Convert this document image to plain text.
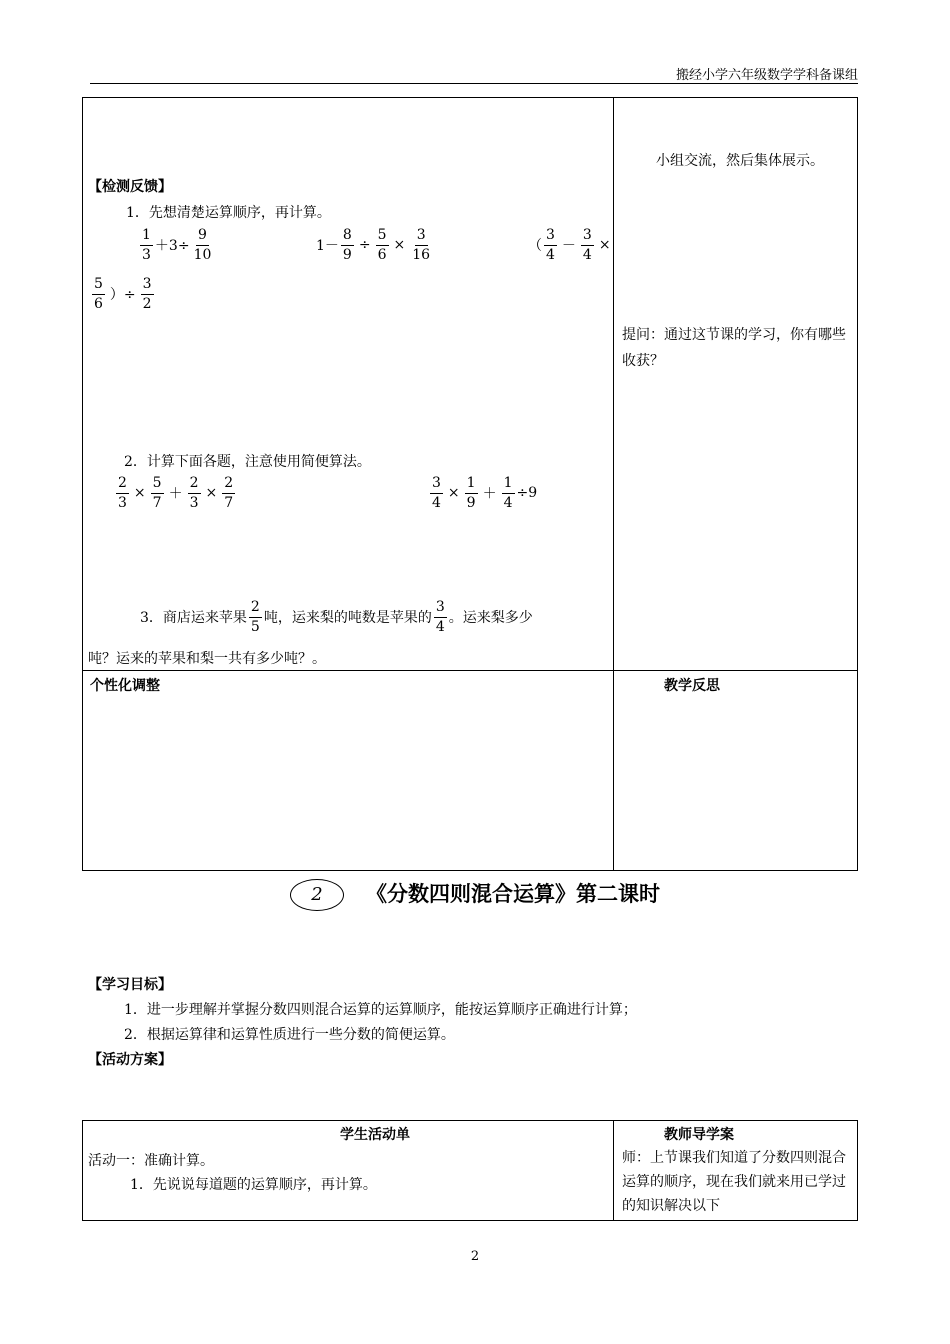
搬经小学六年级数学学科备课组
【检测反馈】
1．先想清楚运算顺序，再计算。
$\frac{1}{3} +3\div \frac{9}{10}$	$1- \frac{8}{9} \div \frac{5}{6} \times \frac{3}{16}$	（ $\frac{3}{4} - \frac{3}{4}$ ×
$\frac{5}{6}$ ）÷ $\frac{3}{2}$
2．计算下面各题，注意使用简便算法。
$\frac{2}{3} \times \frac{5}{7} + \frac{2}{3} \times \frac{2}{7}$	$\frac{3}{4} \times \frac{1}{9} + \frac{1}{4} \div 9$
3．商店运来苹果 $\frac{2}{5}$ 吨，运来梨的吨数是苹果的 $\frac{3}{4}$ 。运来梨多少
吨？运来的苹果和梨一共有多少吨？。
小组交流，然后集体展示。
提问：通过这节课的学习，你有哪些收获？
个性化调整	教学反思
2 《分数四则混合运算》第二课时
【学习目标】
1．进一步理解并掌握分数四则混合运算的运算顺序，能按运算顺序正确进行计算；
2．根据运算律和运算性质进行一些分数的简便运算。
【活动方案】
学生活动单	教师导学案
活动一：准确计算。
1．先说说每道题的运算顺序，再计算。
师：上节课我们知道了分数四则混合运算的顺序，现在我们就来用已学过的知识解决以下
2
